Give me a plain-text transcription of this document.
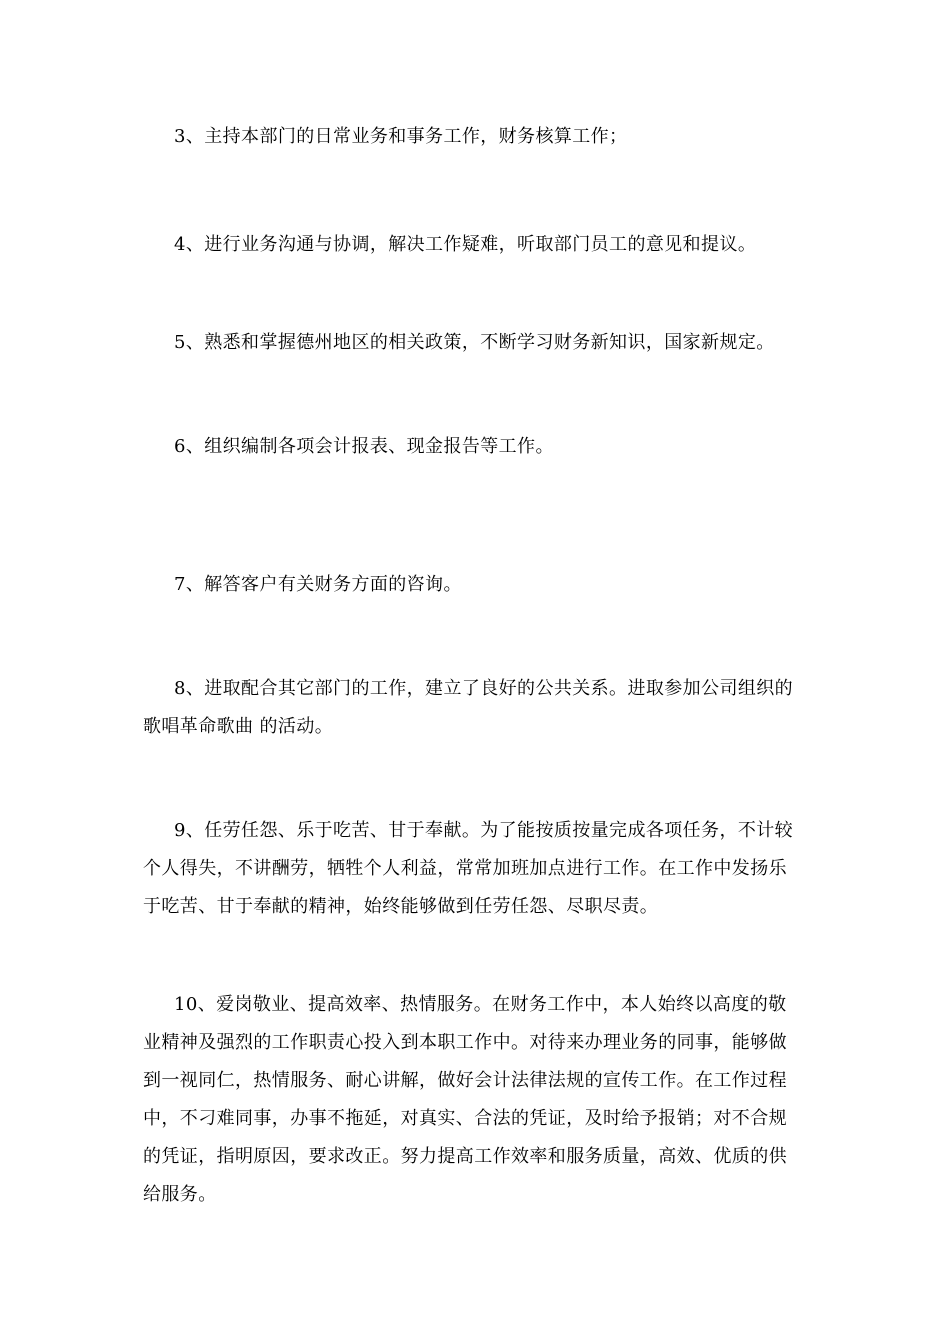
3、主持本部门的日常业务和事务工作，财务核算工作；

4、进行业务沟通与协调，解决工作疑难，听取部门员工的意见和提议。

5、熟悉和掌握德州地区的相关政策，不断学习财务新知识，国家新规定。

6、组织编制各项会计报表、现金报告等工作。

7、解答客户有关财务方面的咨询。

8、进取配合其它部门的工作，建立了良好的公共关系。进取参加公司组织的 歌唱革命歌曲 的活动。

9、任劳任怨、乐于吃苦、甘于奉献。为了能按质按量完成各项任务，不计较个人得失，不讲酬劳，牺牲个人利益，常常加班加点进行工作。在工作中发扬乐于吃苦、甘于奉献的精神，始终能够做到任劳任怨、尽职尽责。

10、爱岗敬业、提高效率、热情服务。在财务工作中，本人始终以高度的敬业精神及强烈的工作职责心投入到本职工作中。对待来办理业务的同事，能够做到一视同仁，热情服务、耐心讲解，做好会计法律法规的宣传工作。在工作过程中，不刁难同事，办事不拖延，对真实、合法的凭证，及时给予报销；对不合规的凭证，指明原因，要求改正。努力提高工作效率和服务质量，高效、优质的供给服务。
